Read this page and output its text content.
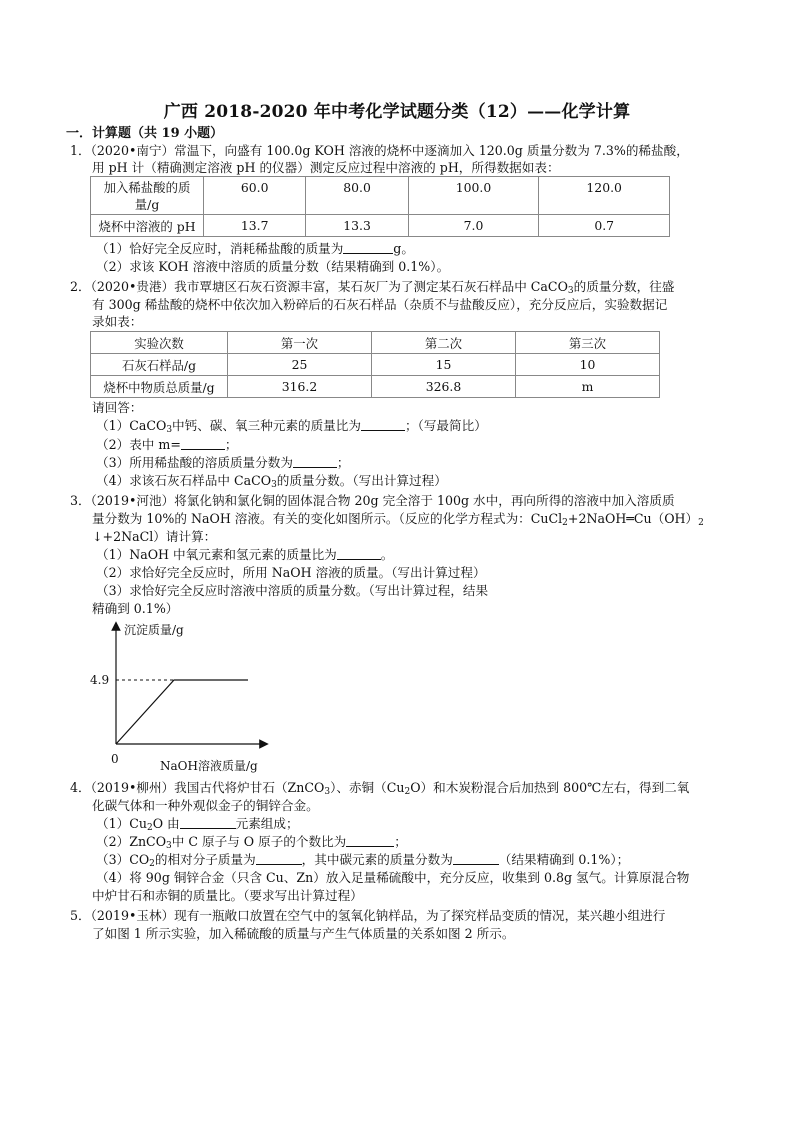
广西 2018-2020 年中考化学试题分类（12）——化学计算
一．计算题（共 19 小题）
1．（2020•南宁）常温下，向盛有 100.0g KOH 溶液的烧杯中逐滴加入 120.0g 质量分数为 7.3%的稀盐酸，
用 pH 计（精确测定溶液 pH 的仪器）测定反应过程中溶液的 pH，所得数据如表：
加入稀盐酸的质
量/g	60.0	80.0	100.0	120.0
烧杯中溶液的 pH	13.7	13.3	7.0	0.7
（1）恰好完全反应时，消耗稀盐酸的质量为	g。
（2）求该 KOH 溶液中溶质的质量分数（结果精确到 0.1%）。
2．（2020•贵港）我市覃塘区石灰石资源丰富，某石灰厂为了测定某石灰石样品中 CaCO$_3$的质量分数，往盛
有 300g 稀盐酸的烧杯中依次加入粉碎后的石灰石样品（杂质不与盐酸反应），充分反应后，实验数据记
录如表：
实验次数	第一次	第二次	第三次
石灰石样品/g	25	15	10
烧杯中物质总质量/g	316.2	326.8	m
请回答：
（1）CaCO$_3$中钙、碳、氧三种元素的质量比为	；（写最简比）
（2）表中 m=	；
（3）所用稀盐酸的溶质质量分数为	；
（4）求该石灰石样品中 CaCO$_3$的质量分数。（写出计算过程）
3．（2019•河池）将氯化钠和氯化铜的固体混合物 20g 完全溶于 100g 水中，再向所得的溶液中加入溶质质
量分数为 10%的 NaOH 溶液。有关的变化如图所示。（反应的化学方程式为：$CuCl_2+2NaOH═Cu(OH)_2$
↓+2NaCl）请计算：
（1）NaOH 中氧元素和氢元素的质量比为	。
（2）求恰好完全反应时，所用 NaOH 溶液的质量。（写出计算过程）
（3）求恰好完全反应时溶液中溶质的质量分数。（写出计算过程，结果
精确到 0.1%）
沉淀质量/g
4.9
0	NaOH溶液质量/g
4．（2019•柳州）我国古代将炉甘石（ZnCO$_3$）、赤铜$(Cu_2O)$和木炭粉混合后加热到 800℃左右，得到二氧
化碳气体和一种外观似金子的铜锌合金。
$(1)Cu_2O$ 由	元素组成；
（2）ZnCO$_3$中 C 原子与 O 原子的个数比为	；
$(3)CO_2$的相对分子质量为	，其中碳元素的质量分数为	（结果精确到 0.1%）；
（4）将 90g 铜锌合金（只含 Cu、Zn）放入足量稀硫酸中，充分反应，收集到 0.8g 氢气。计算原混合物
中炉甘石和赤铜的质量比。（要求写出计算过程）
5．（2019•玉林）现有一瓶敞口放置在空气中的氢氧化钠样品，为了探究样品变质的情况，某兴趣小组进行
了如图 1 所示实验，加入稀硫酸的质量与产生气体质量的关系如图 2 所示。
